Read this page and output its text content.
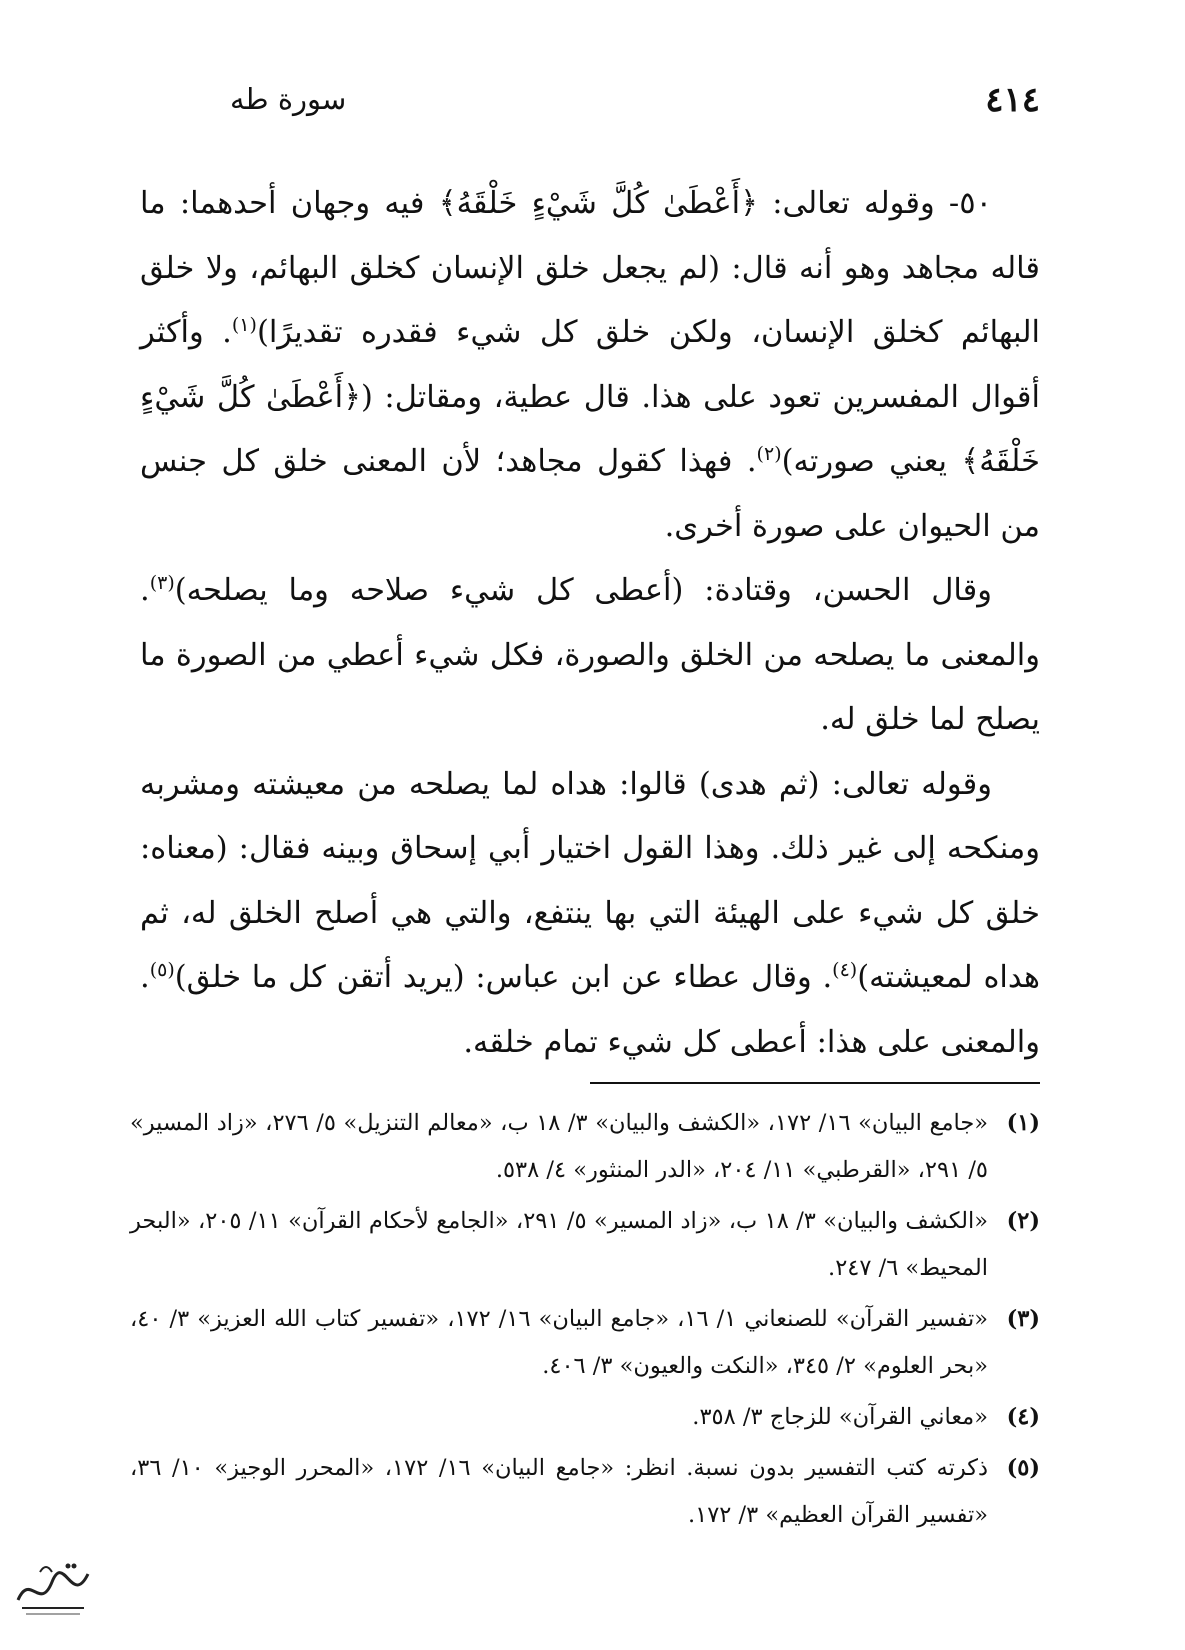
٤١٤
سورة طه

٥٠- وقوله تعالى: ﴿أَعْطَىٰ كُلَّ شَيْءٍ خَلْقَهُ﴾ فيه وجهان أحدهما: ما قاله مجاهد وهو أنه قال: (لم يجعل خلق الإنسان كخلق البهائم، ولا خلق البهائم كخلق الإنسان، ولكن خلق كل شيء فقدره تقديرًا)$^{(١)}$. وأكثر أقوال المفسرين تعود على هذا. قال عطية، ومقاتل: (﴿أَعْطَىٰ كُلَّ شَيْءٍ خَلْقَهُ﴾ يعني صورته)$^{(٢)}$. فهذا كقول مجاهد؛ لأن المعنى خلق كل جنس من الحيوان على صورة أخرى.

وقال الحسن، وقتادة: (أعطى كل شيء صلاحه وما يصلحه)$^{(٣)}$. والمعنى ما يصلحه من الخلق والصورة، فكل شيء أعطي من الصورة ما يصلح لما خلق له.

وقوله تعالى: (ثم هدى) قالوا: هداه لما يصلحه من معيشته ومشربه ومنكحه إلى غير ذلك. وهذا القول اختيار أبي إسحاق وبينه فقال: (معناه: خلق كل شيء على الهيئة التي بها ينتفع، والتي هي أصلح الخلق له، ثم هداه لمعيشته)$^{(٤)}$. وقال عطاء عن ابن عباس: (يريد أتقن كل ما خلق)$^{(٥)}$. والمعنى على هذا: أعطى كل شيء تمام خلقه.

(١)
«جامع البيان» ١٦/ ١٧٢، «الكشف والبيان» ٣/ ١٨ ب، «معالم التنزيل» ٥/ ٢٧٦، «زاد المسير» ٥/ ٢٩١، «القرطبي» ١١/ ٢٠٤، «الدر المنثور» ٤/ ٥٣٨.
(٢)
«الكشف والبيان» ٣/ ١٨ ب، «زاد المسير» ٥/ ٢٩١، «الجامع لأحكام القرآن» ١١/ ٢٠٥، «البحر المحيط» ٦/ ٢٤٧.
(٣)
«تفسير القرآن» للصنعاني ١/ ١٦، «جامع البيان» ١٦/ ١٧٢، «تفسير كتاب الله العزيز» ٣/ ٤٠، «بحر العلوم» ٢/ ٣٤٥، «النكت والعيون» ٣/ ٤٠٦.
(٤)
«معاني القرآن» للزجاج ٣/ ٣٥٨.
(٥)
ذكرته كتب التفسير بدون نسبة. انظر: «جامع البيان» ١٦/ ١٧٢، «المحرر الوجيز» ١٠/ ٣٦، «تفسير القرآن العظيم» ٣/ ١٧٢.
